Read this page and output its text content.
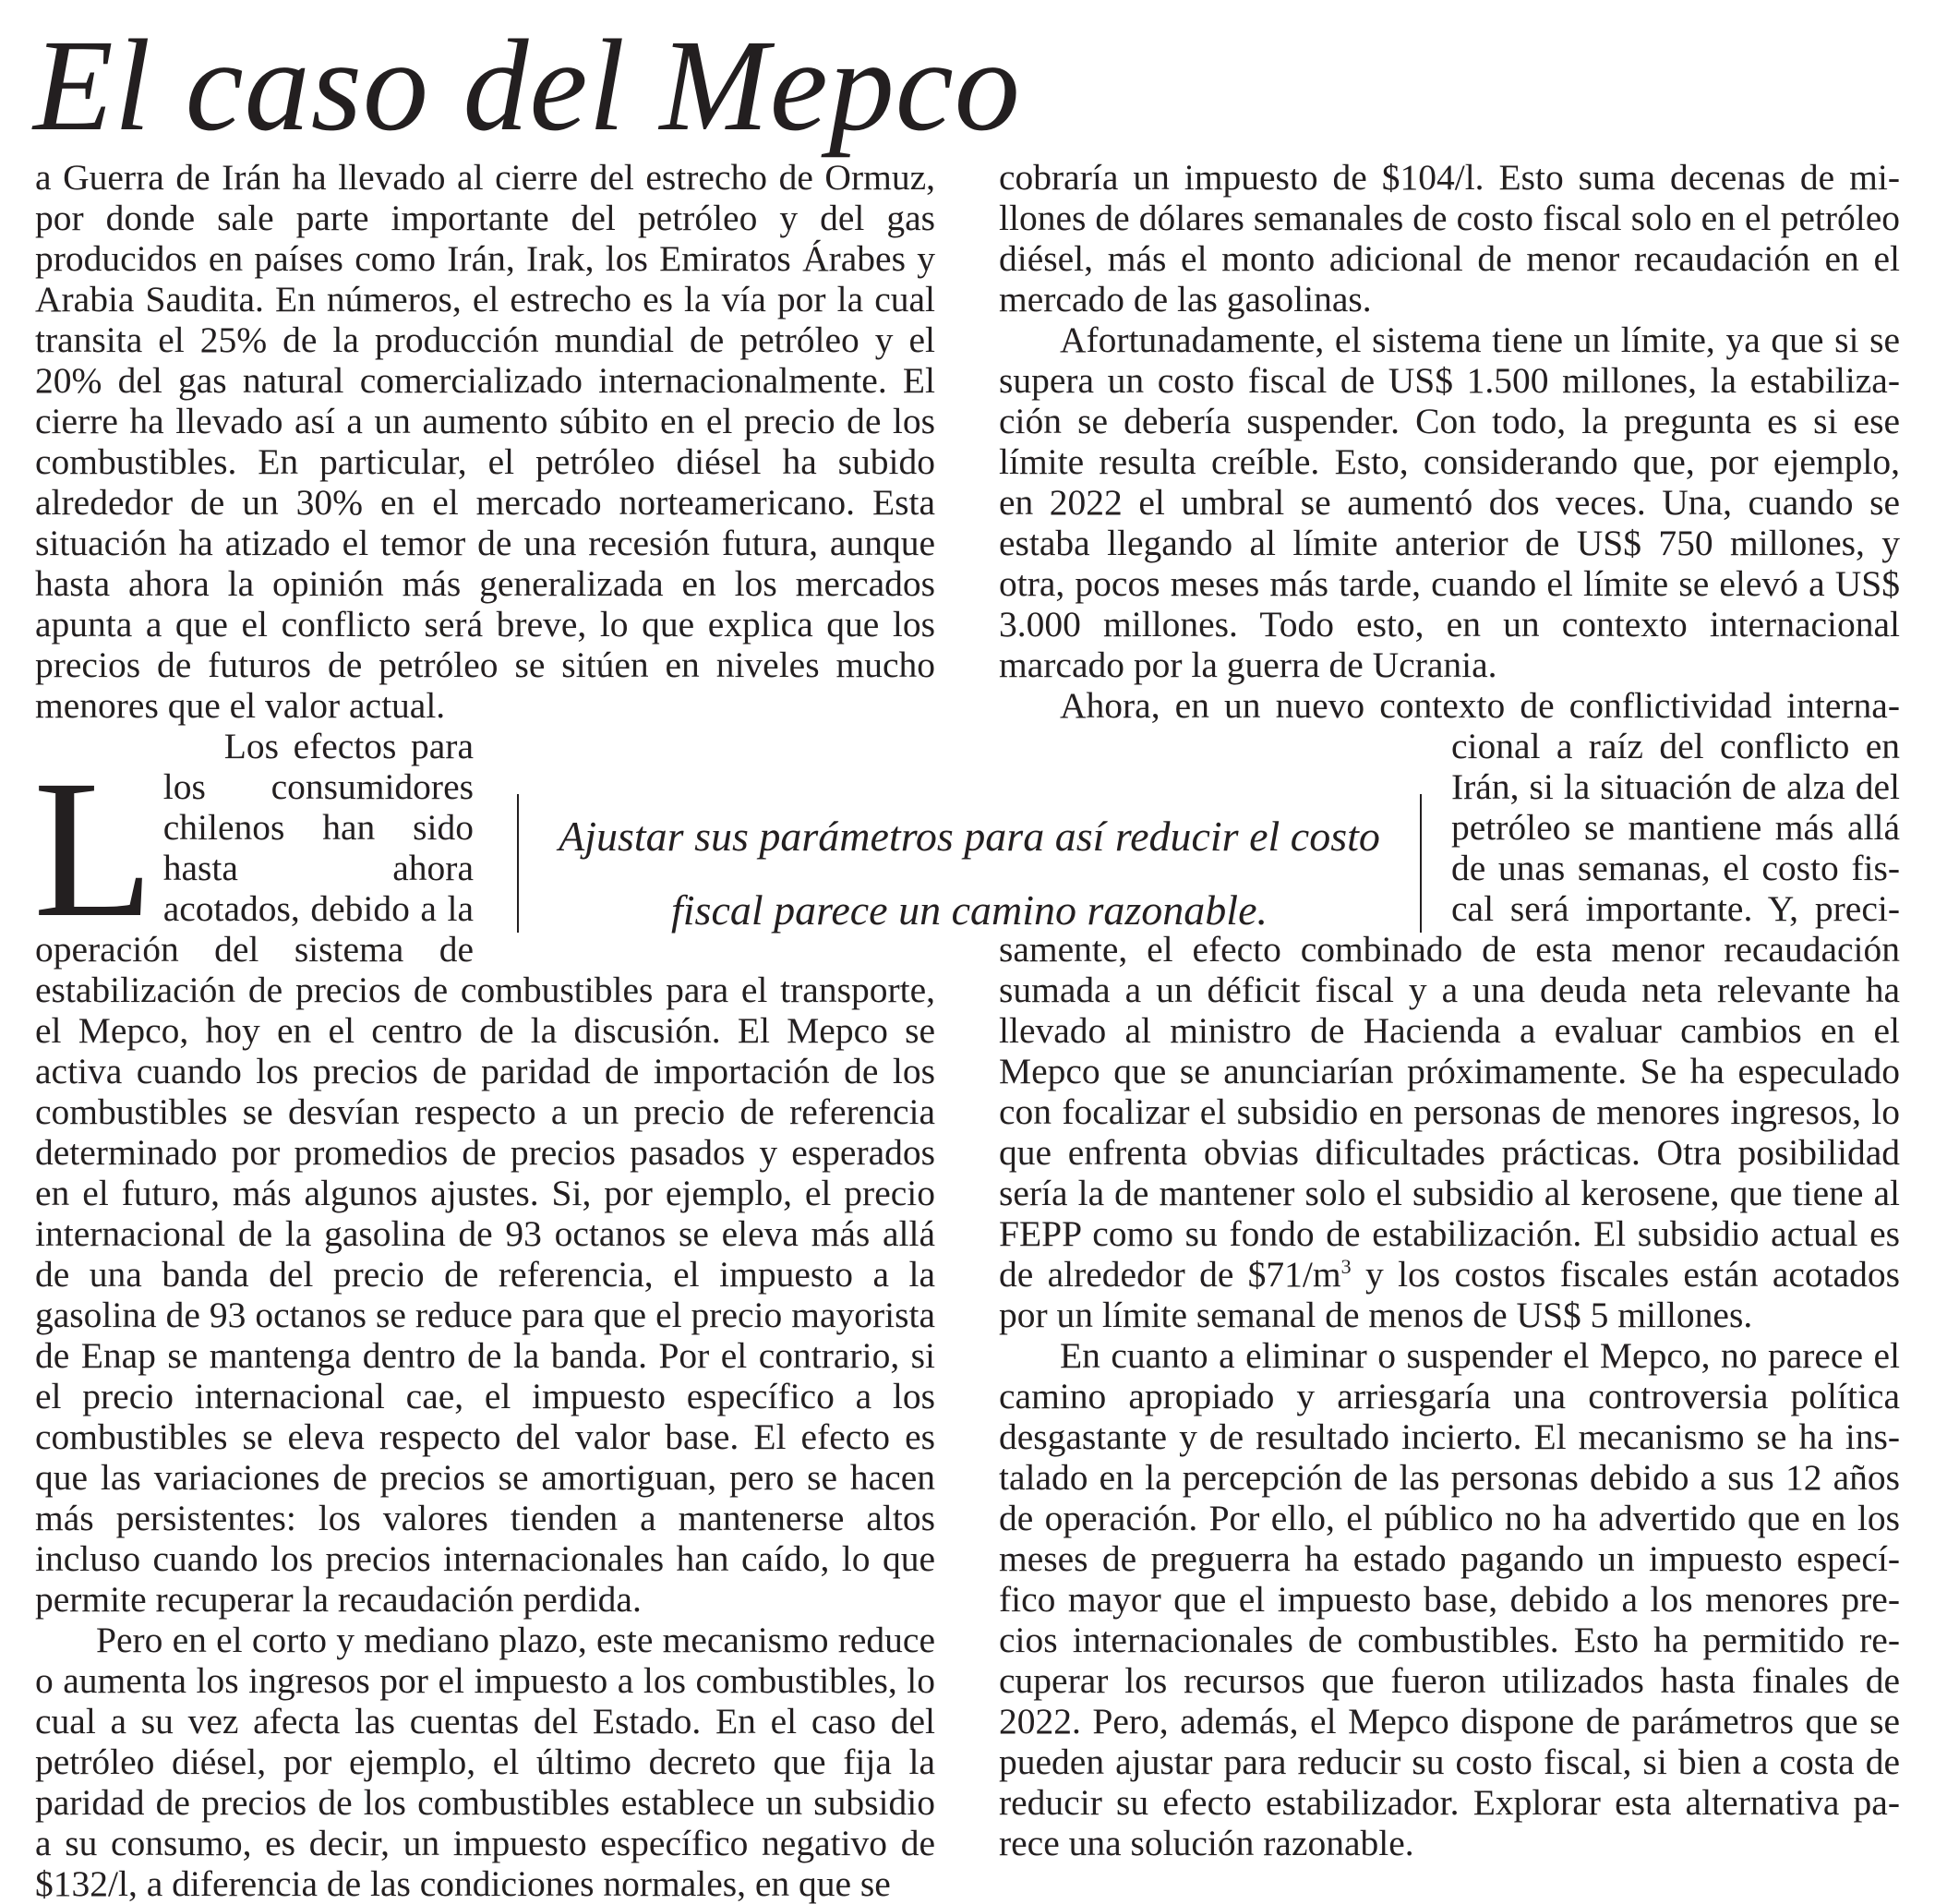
El caso del Mepco

L
a Guerra de Irán ha llevado al cierre del estrecho de Ormuz, por donde sale parte importante del petróleo y del gas producidos en países como Irán, Irak, los Emiratos Árabes y Arabia Saudita. En números, el estrecho es la vía por la cual transita el 25% de la producción mundial de petróleo y el 20% del gas natural comercializado internacionalmente. El cierre ha llevado así a un aumento súbito en el precio de los combustibles. En particular, el petróleo diésel ha subido alrededor de un 30% en el mercado norteamericano. Esta situación ha atizado el temor de una recesión futura, aunque hasta ahora la opinión más generalizada en los mercados apunta a que el conflicto será breve, lo que explica que los precios de futuros de petróleo se sitúen en niveles mucho menores que el valor actual.

Los efectos para los consumidores chilenos han sido hasta ahora acotados, debido a la operación del sistema de estabilización de precios de combustibles para el transporte, el Mepco, hoy en el centro de la discusión. El Mepco se activa cuando los precios de paridad de importación de los combustibles se desvían respecto a un precio de referencia determinado por promedios de precios pasados y esperados en el futuro, más algunos ajustes. Si, por ejemplo, el precio internacional de la gasolina de 93 octanos se eleva más allá de una banda del precio de referencia, el impuesto a la gasolina de 93 octanos se reduce para que el precio mayorista de Enap se mantenga dentro de la banda. Por el contrario, si el precio internacional cae, el impuesto específico a los combustibles se eleva respecto del valor base. El efecto es que las variaciones de precios se amortiguan, pero se hacen más persistentes: los valores tienden a mantenerse altos incluso cuando los precios internacionales han caído, lo que permite recuperar la recaudación perdida.

Pero en el corto y mediano plazo, este mecanismo reduce o aumenta los ingresos por el impuesto a los combustibles, lo cual a su vez afecta las cuentas del Estado. En el caso del petróleo diésel, por ejemplo, el último decreto que fija la paridad de precios de los combustibles establece un subsidio a su consumo, es decir, un impuesto específico negativo de $132/l, a diferencia de las condiciones normales, en que se

cobraría un impuesto de $104/l. Esto suma decenas de millones de dólares semanales de costo fiscal solo en el petróleo diésel, más el monto adicional de menor recaudación en el mercado de las gasolinas.

Afortunadamente, el sistema tiene un límite, ya que si se supera un costo fiscal de US$ 1.500 millones, la estabilización se debería suspender. Con todo, la pregunta es si ese límite resulta creíble. Esto, considerando que, por ejemplo, en 2022 el umbral se aumentó dos veces. Una, cuando se estaba llegando al límite anterior de US$ 750 millones, y otra, pocos meses más tarde, cuando el límite se elevó a US$ 3.000 millones. Todo esto, en un contexto internacional marcado por la guerra de Ucrania.

Ahora, en un nuevo contexto de conflictividad internacional a raíz del conflicto en Irán, si la situación de alza del petróleo se mantiene más allá de unas semanas, el costo fiscal será importante. Y, precisamente, el efecto combinado de esta menor recaudación sumada a un déficit fiscal y a una deuda neta relevante ha llevado al ministro de Hacienda a evaluar cambios en el Mepco que se anunciarían próximamente. Se ha especulado con focalizar el subsidio en personas de menores ingresos, lo que enfrenta obvias dificultades prácticas. Otra posibilidad sería la de mantener solo el subsidio al kerosene, que tiene al FEPP como su fondo de estabilización. El subsidio actual es de alrededor de $\$71/m^3$ y los costos fiscales están acotados por un límite semanal de menos de US$ 5 millones.

En cuanto a eliminar o suspender el Mepco, no parece el camino apropiado y arriesgaría una controversia política desgastante y de resultado incierto. El mecanismo se ha instalado en la percepción de las personas debido a sus 12 años de operación. Por ello, el público no ha advertido que en los meses de preguerra ha estado pagando un impuesto específico mayor que el impuesto base, debido a los menores precios internacionales de combustibles. Esto ha permitido recuperar los recursos que fueron utilizados hasta finales de 2022. Pero, además, el Mepco dispone de parámetros que se pueden ajustar para reducir su costo fiscal, si bien a costa de reducir su efecto estabilizador. Explorar esta alternativa parece una solución razonable.

Ajustar sus parámetros para así reducir el costo fiscal parece un camino razonable.
